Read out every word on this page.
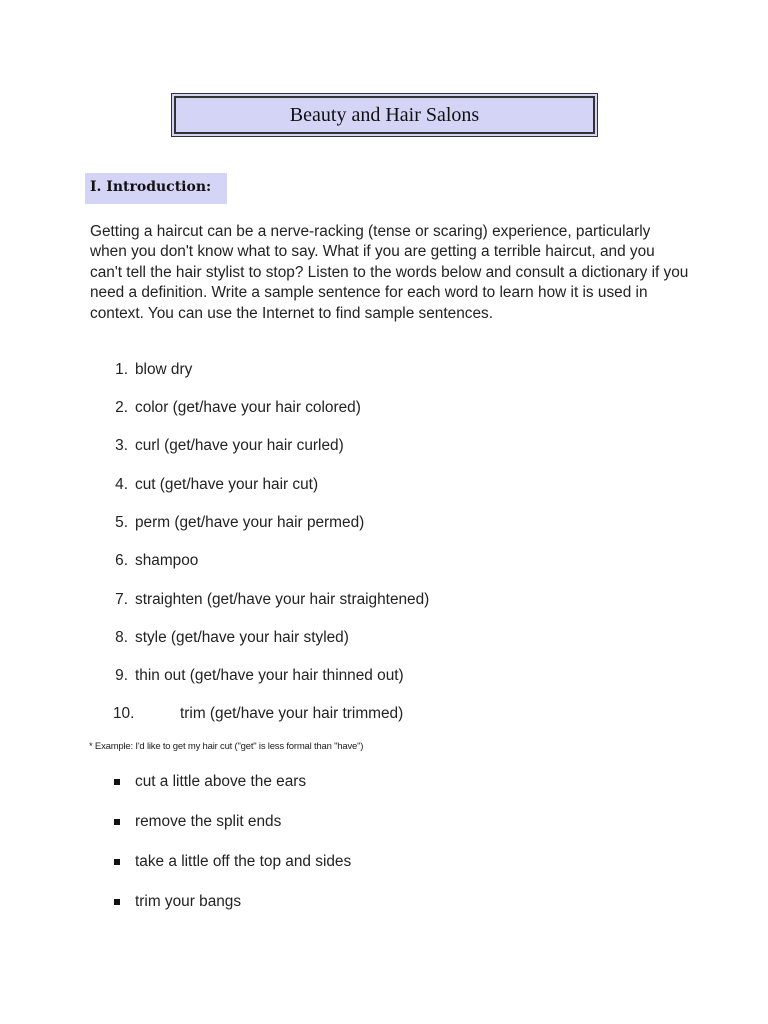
Beauty and Hair Salons
I. Introduction:

Getting a haircut can be a nerve-racking (tense or scaring) experience, particularly when you don't know what to say. What if you are getting a terrible haircut, and you can't tell the hair stylist to stop? Listen to the words below and consult a dictionary if you need a definition. Write a sample sentence for each word to learn how it is used in context. You can use the Internet to find sample sentences.

1. blow dry
2. color (get/have your hair colored)
3. curl (get/have your hair curled)
4. cut (get/have your hair cut)
5. perm (get/have your hair permed)
6. shampoo
7. straighten (get/have your hair straightened)
8. style (get/have your hair styled)
9. thin out (get/have your hair thinned out)
10.	trim (get/have your hair trimmed)
* Example: I'd like to get my hair cut ("get" is less formal than "have")
cut a little above the ears
remove the split ends
take a little off the top and sides
trim your bangs
